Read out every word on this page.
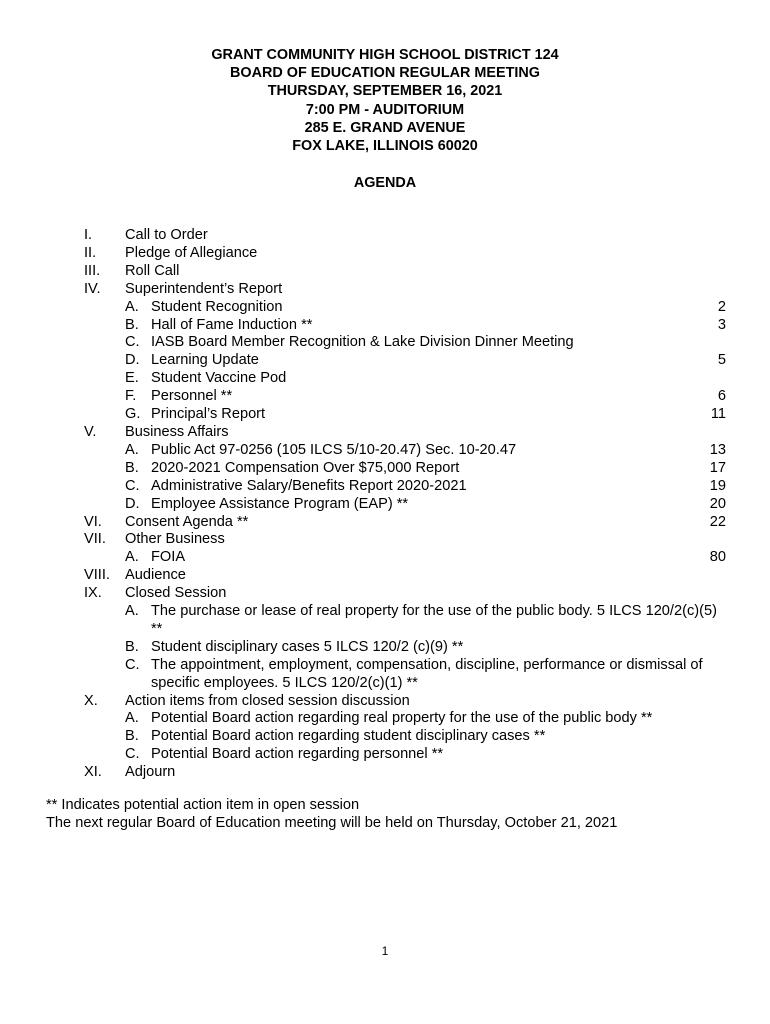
GRANT COMMUNITY HIGH SCHOOL DISTRICT 124
BOARD OF EDUCATION REGULAR MEETING
THURSDAY, SEPTEMBER 16, 2021
7:00 PM - AUDITORIUM
285 E. GRAND AVENUE
FOX LAKE, ILLINOIS 60020
AGENDA
I.	Call to Order
II.	Pledge of Allegiance
III.	Roll Call
IV.	Superintendent’s Report
A. Student Recognition	2
B. Hall of Fame Induction **	3
C. IASB Board Member Recognition & Lake Division Dinner Meeting
D. Learning Update	5
E. Student Vaccine Pod
F. Personnel **	6
G. Principal’s Report	11
V.	Business Affairs
A. Public Act 97-0256 (105 ILCS 5/10-20.47) Sec. 10-20.47	13
B. 2020-2021 Compensation Over $75,000 Report	17
C. Administrative Salary/Benefits Report 2020-2021	19
D. Employee Assistance Program (EAP) **	20
VI.	Consent Agenda **	22
VII.	Other Business
A. FOIA	80
VIII.	Audience
IX.	Closed Session
A. The purchase or lease of real property for the use of the public body. 5 ILCS 120/2(c)(5) **
B. Student disciplinary cases 5 ILCS 120/2 (c)(9) **
C. The appointment, employment, compensation, discipline, performance or dismissal of specific employees. 5 ILCS 120/2(c)(1) **
X.	Action items from closed session discussion
A. Potential Board action regarding real property for the use of the public body **
B. Potential Board action regarding student disciplinary cases **
C. Potential Board action regarding personnel **
XI.	Adjourn
** Indicates potential action item in open session
The next regular Board of Education meeting will be held on Thursday, October 21, 2021
1
